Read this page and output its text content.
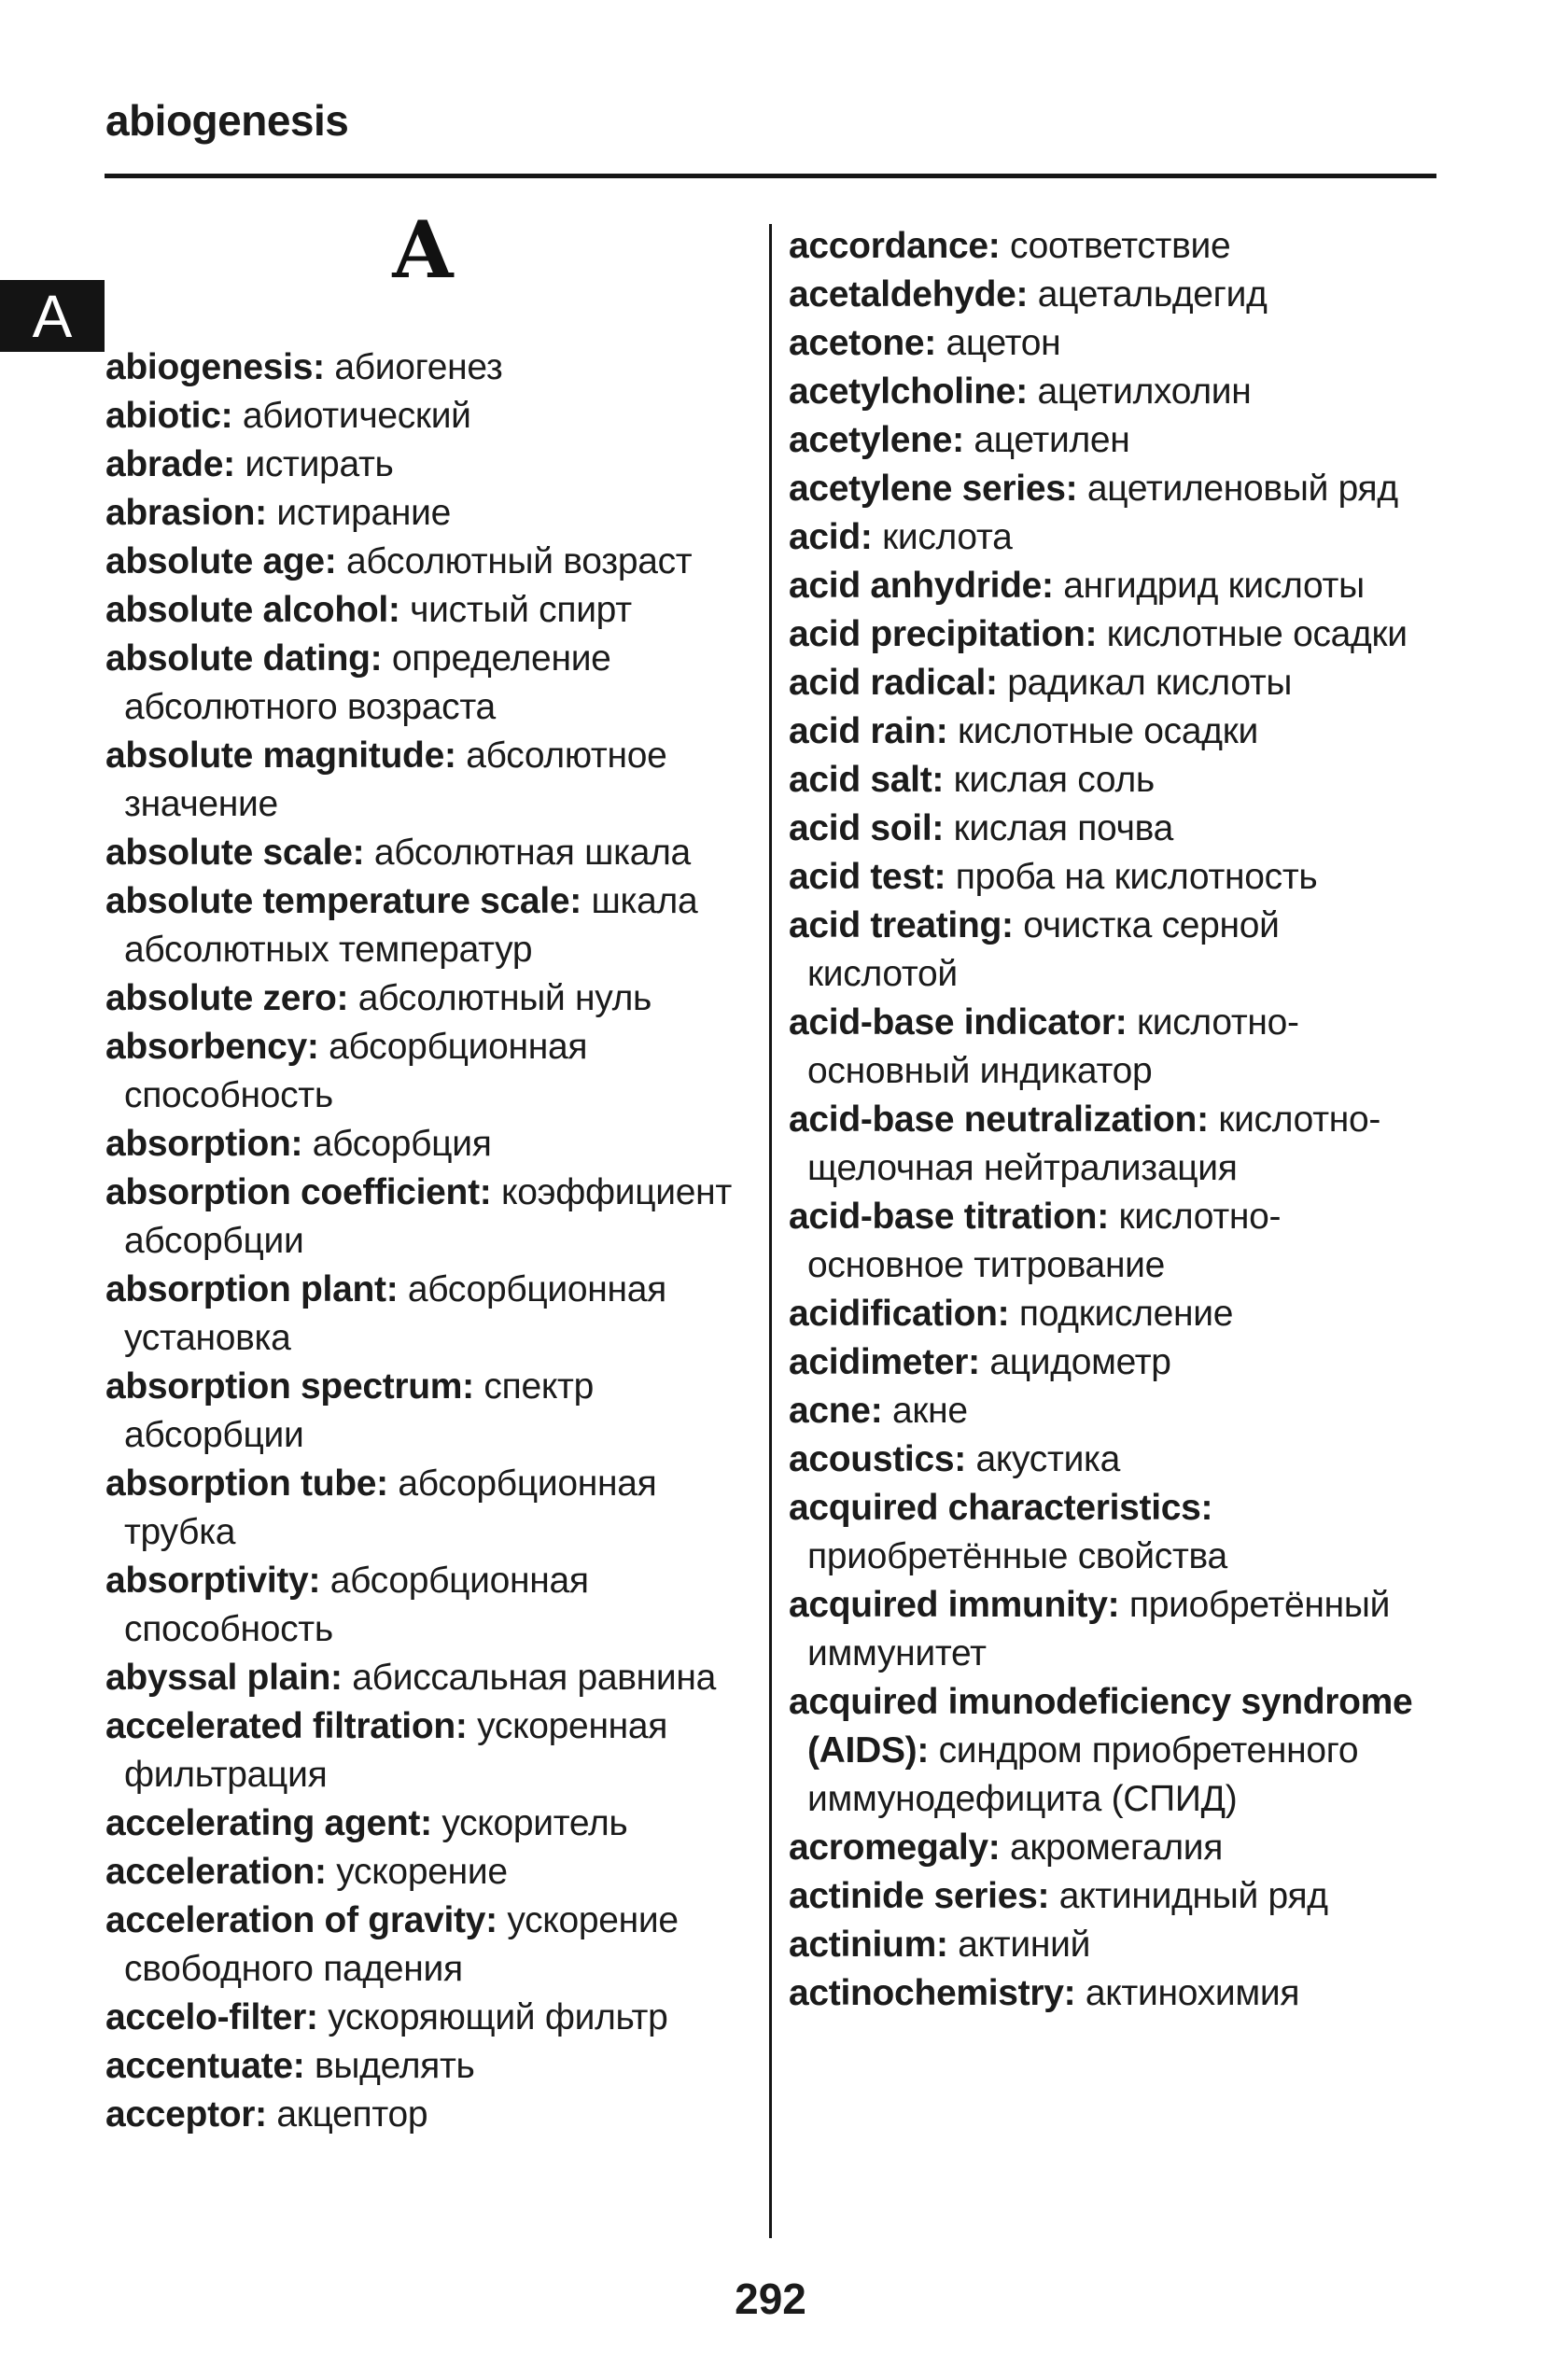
abiogenesis
A
A
abiogenesis: абиогенез
abiotic: абиотический
abrade: истирать
abrasion: истирание
absolute age: абсолютный возраст
absolute alcohol: чистый спирт
absolute dating: определение абсолютного возраста
absolute magnitude: абсолютное значение
absolute scale: абсолютная шкала
absolute temperature scale: шкала абсолютных температур
absolute zero: абсолютный нуль
absorbency: абсорбционная способность
absorption: абсорбция
absorption coefficient: коэффициент абсорбции
absorption plant: абсорбционная установка
absorption spectrum: спектр абсорбции
absorption tube: абсорбционная трубка
absorptivity: абсорбционная способность
abyssal plain: абиссальная равнина
accelerated filtration: ускоренная фильтрация
accelerating agent: ускоритель
acceleration: ускорение
acceleration of gravity: ускорение свободного падения
accelo-filter: ускоряющий фильтр
accentuate: выделять
acceptor: акцептор
accordance: соответствие
acetaldehyde: ацетальдегид
acetone: ацетон
acetylcholine: ацетилхолин
acetylene: ацетилен
acetylene series: ацетиленовый ряд
acid: кислота
acid anhydride: ангидрид кислоты
acid precipitation: кислотные осадки
acid radical: радикал кислоты
acid rain: кислотные осадки
acid salt: кислая соль
acid soil: кислая почва
acid test: проба на кислотность
acid treating: очистка серной кислотой
acid-base indicator: кислотно-основный индикатор
acid-base neutralization: кислотно-щелочная нейтрализация
acid-base titration: кислотно-основное титрование
acidification: подкисление
acidimeter: ацидометр
acne: акне
acoustics: акустика
acquired characteristics: приобретённые свойства
acquired immunity: приобретённый иммунитет
acquired imunodeficiency syndrome (AIDS): синдром приобретенного иммунодефицита (СПИД)
acromegaly: акромегалия
actinide series: актинидный ряд
actinium: актиний
actinochemistry: актинохимия
292
